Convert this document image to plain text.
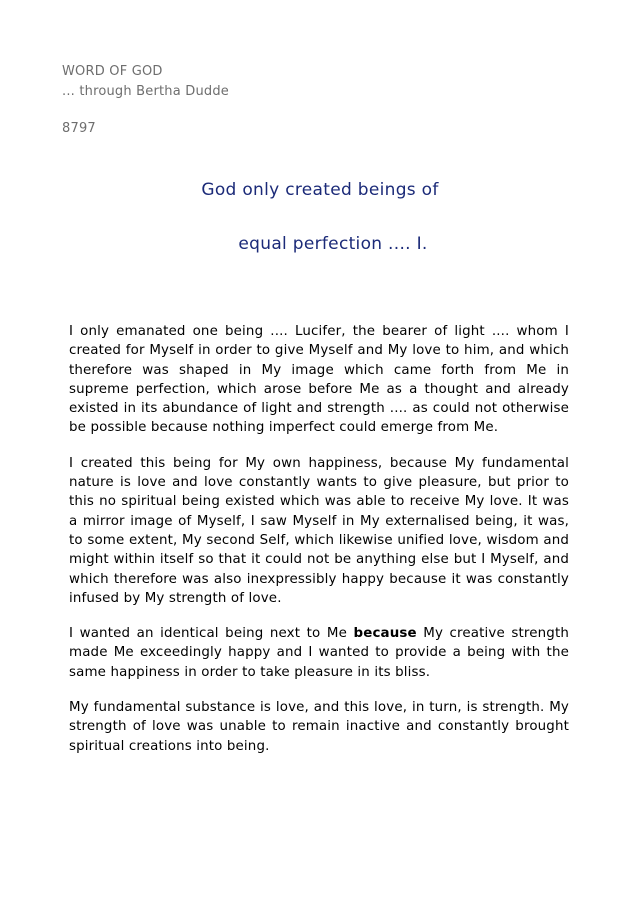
WORD OF GOD
... through Bertha Dudde
8797
God only created beings of
equal perfection .... I.

I only emanated one being .... Lucifer, the bearer of light .... whom I created for Myself in order to give Myself and My love to him, and which therefore was shaped in My image which came forth from Me in supreme perfection, which arose before Me as a thought and already existed in its abundance of light and strength .... as could not otherwise be possible because nothing imperfect could emerge from Me.

I created this being for My own happiness, because My fundamental nature is love and love constantly wants to give pleasure, but prior to this no spiritual being existed which was able to receive My love. It was a mirror image of Myself, I saw Myself in My externalised being, it was, to some extent, My second Self, which likewise unified love, wisdom and might within itself so that it could not be anything else but I Myself, and which therefore was also inexpressibly happy because it was constantly infused by My strength of love.

I wanted an identical being next to Me because My creative strength made Me exceedingly happy and I wanted to provide a being with the same happiness in order to take pleasure in its bliss.

My fundamental substance is love, and this love, in turn, is strength. My strength of love was unable to remain inactive and constantly brought spiritual creations into being.
